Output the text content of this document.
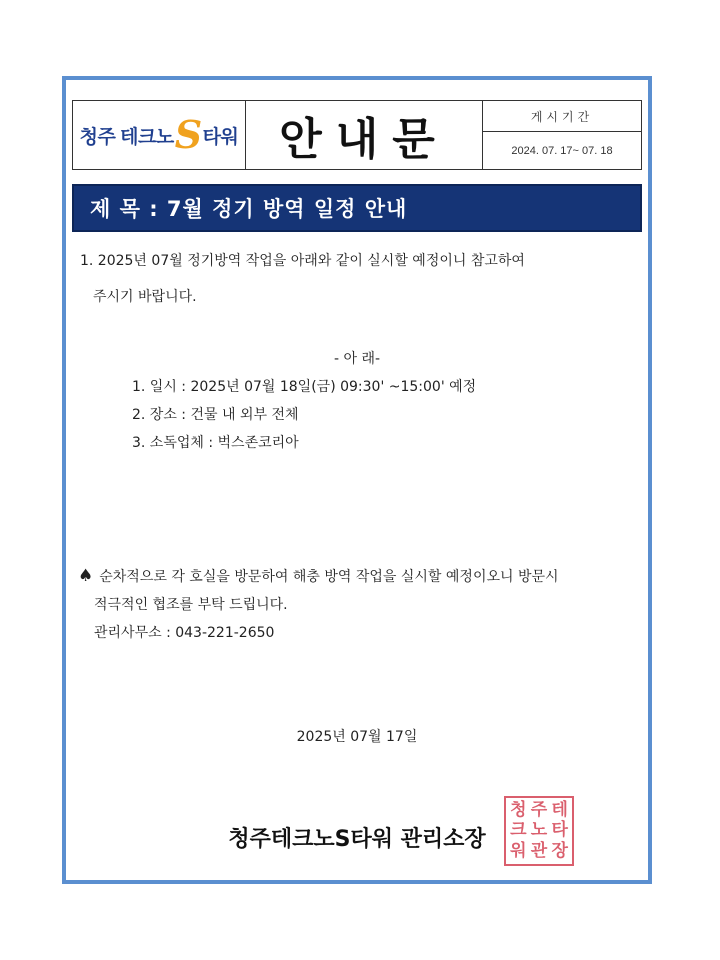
청주 테크노 S 타워 안내문	게시기간
2024. 07. 17~ 07. 18
제 목 : 7월 정기 방역 일정 안내

1. 2025년 07월 정기방역 작업을 아래와 같이 실시할 예정이니 참고하여

주시기 바랍니다.

- 아 래-

1. 일시 : 2025년 07월 18일(금) 09:30' ~15:00' 예정

2. 장소 : 건물 내 외부 전체

3. 소독업체 : 벅스존코리아

♠ 순차적으로 각 호실을 방문하여 해충 방역 작업을 실시할 예정이오니 방문시

적극적인 협조를 부탁 드립니다.

관리사무소 : 043-221-2650

2025년 07월 17일

청주테크노S타워 관리소장
청 주 테
크 노 타
워 관 장
